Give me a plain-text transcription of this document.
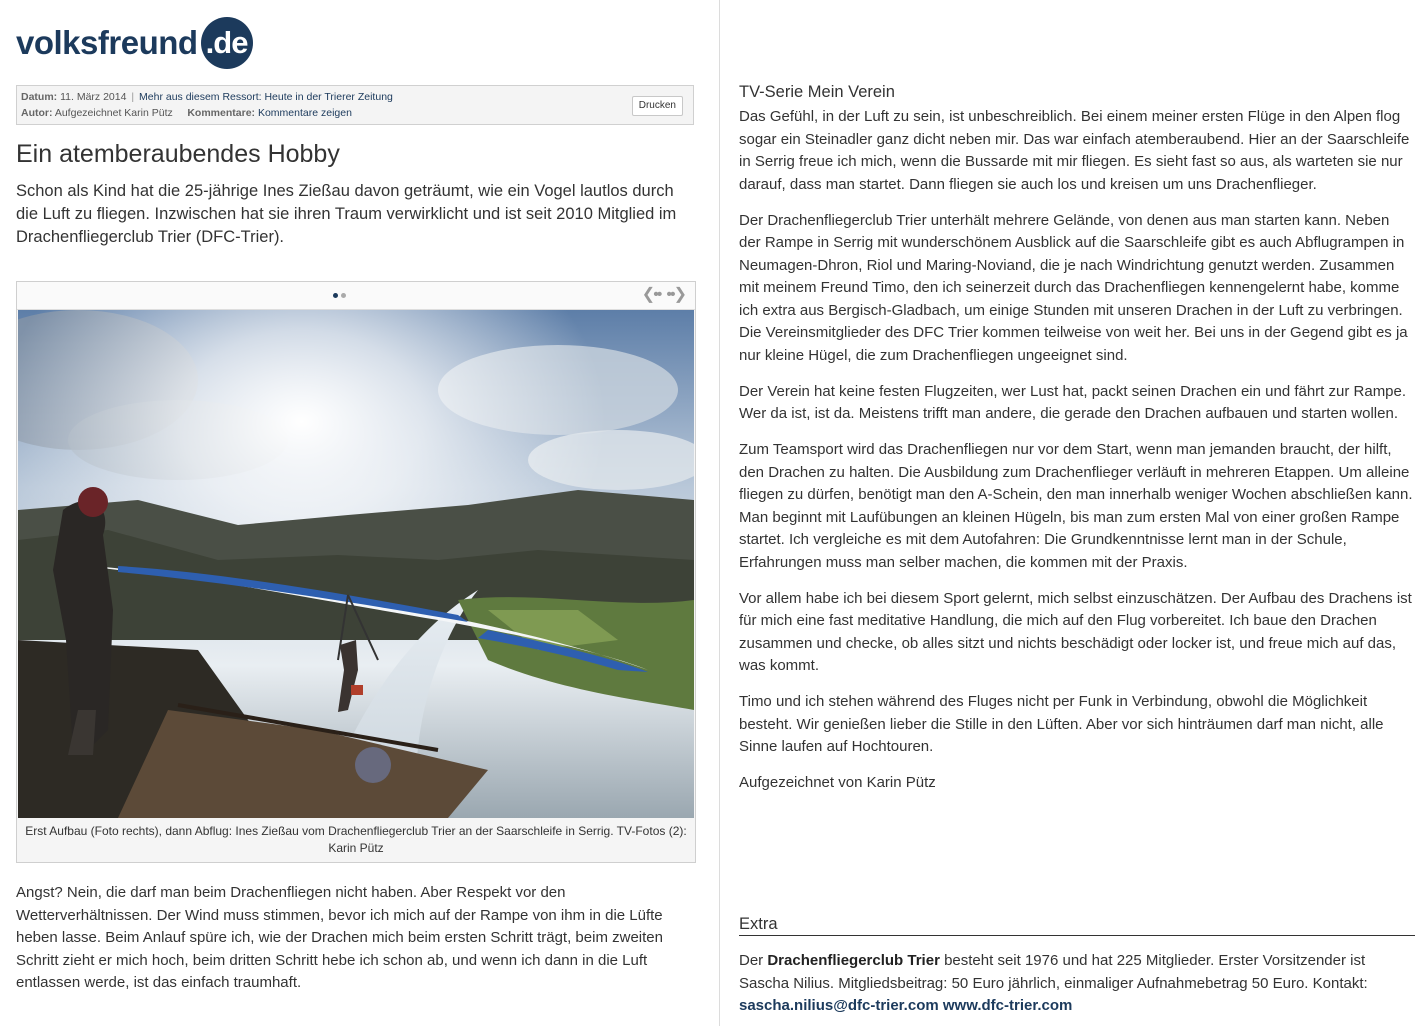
volksfreund .de
Datum: 11. März 2014 | Mehr aus diesem Ressort: Heute in der Trierer Zeitung
Autor: Aufgezeichnet Karin Pütz Kommentare: Kommentare zeigen
Drucken
Ein atemberaubendes Hobby

Schon als Kind hat die 25-jährige Ines Zießau davon geträumt, wie ein Vogel lautlos durch die Luft zu fliegen. Inzwischen hat sie ihren Traum verwirklicht und ist seit 2010 Mitglied im Drachenfliegerclub Trier (DFC-Trier).

❮•• ••❯
Erst Aufbau (Foto rechts), dann Abflug: Ines Zießau vom Drachenfliegerclub Trier an der Saarschleife in Serrig. TV-Fotos (2): Karin Pütz

Angst? Nein, die darf man beim Drachenfliegen nicht haben. Aber Respekt vor den Wetterverhältnissen. Der Wind muss stimmen, bevor ich mich auf der Rampe von ihm in die Lüfte heben lasse. Beim Anlauf spüre ich, wie der Drachen mich beim ersten Schritt trägt, beim zweiten Schritt zieht er mich hoch, beim dritten Schritt hebe ich schon ab, und wenn ich dann in die Luft entlassen werde, ist das einfach traumhaft.

TV-Serie Mein Verein

Das Gefühl, in der Luft zu sein, ist unbeschreiblich. Bei einem meiner ersten Flüge in den Alpen flog sogar ein Steinadler ganz dicht neben mir. Das war einfach atemberaubend. Hier an der Saarschleife in Serrig freue ich mich, wenn die Bussarde mit mir fliegen. Es sieht fast so aus, als warteten sie nur darauf, dass man startet. Dann fliegen sie auch los und kreisen um uns Drachenflieger.

Der Drachenfliegerclub Trier unterhält mehrere Gelände, von denen aus man starten kann. Neben der Rampe in Serrig mit wunderschönem Ausblick auf die Saarschleife gibt es auch Abflugrampen in Neumagen-Dhron, Riol und Maring-Noviand, die je nach Windrichtung genutzt werden. Zusammen mit meinem Freund Timo, den ich seinerzeit durch das Drachenfliegen kennengelernt habe, komme ich extra aus Bergisch-Gladbach, um einige Stunden mit unseren Drachen in der Luft zu verbringen. Die Vereinsmitglieder des DFC Trier kommen teilweise von weit her. Bei uns in der Gegend gibt es ja nur kleine Hügel, die zum Drachenfliegen ungeeignet sind.

Der Verein hat keine festen Flugzeiten, wer Lust hat, packt seinen Drachen ein und fährt zur Rampe. Wer da ist, ist da. Meistens trifft man andere, die gerade den Drachen aufbauen und starten wollen.

Zum Teamsport wird das Drachenfliegen nur vor dem Start, wenn man jemanden braucht, der hilft, den Drachen zu halten. Die Ausbildung zum Drachenflieger verläuft in mehreren Etappen. Um alleine fliegen zu dürfen, benötigt man den A-Schein, den man innerhalb weniger Wochen abschließen kann. Man beginnt mit Laufübungen an kleinen Hügeln, bis man zum ersten Mal von einer großen Rampe startet. Ich vergleiche es mit dem Autofahren: Die Grundkenntnisse lernt man in der Schule, Erfahrungen muss man selber machen, die kommen mit der Praxis.

Vor allem habe ich bei diesem Sport gelernt, mich selbst einzuschätzen. Der Aufbau des Drachens ist für mich eine fast meditative Handlung, die mich auf den Flug vorbereitet. Ich baue den Drachen zusammen und checke, ob alles sitzt und nichts beschädigt oder locker ist, und freue mich auf das, was kommt.

Timo und ich stehen während des Fluges nicht per Funk in Verbindung, obwohl die Möglichkeit besteht. Wir genießen lieber die Stille in den Lüften. Aber vor sich hinträumen darf man nicht, alle Sinne laufen auf Hochtouren.

Aufgezeichnet von Karin Pütz

Extra

Der Drachenfliegerclub Trier besteht seit 1976 und hat 225 Mitglieder. Erster Vorsitzender ist Sascha Nilius. Mitgliedsbeitrag: 50 Euro jährlich, einmaliger Aufnahmebetrag 50 Euro. Kontakt: sascha.nilius@dfc-trier.com www.dfc-trier.com
